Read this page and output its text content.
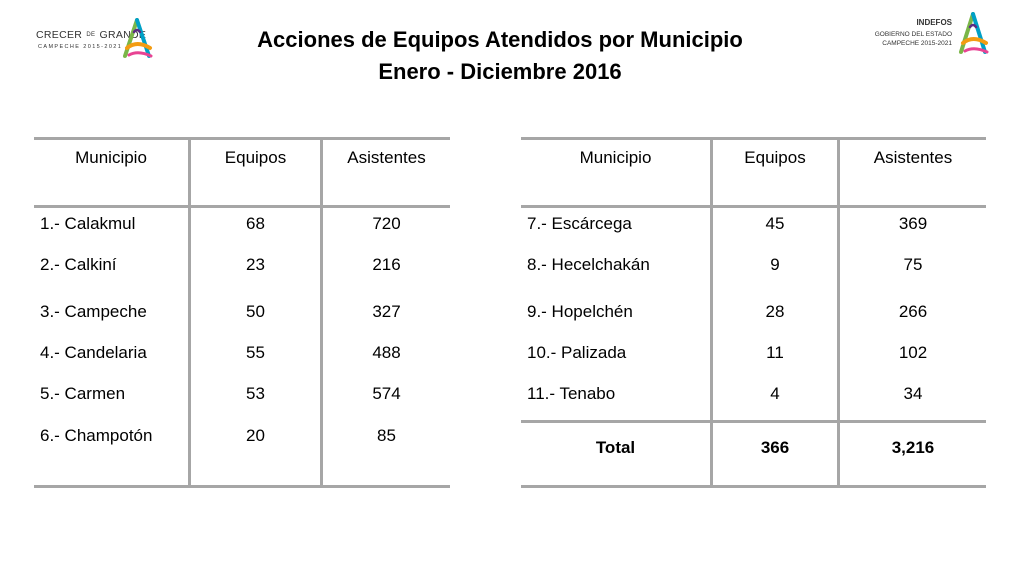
CRECER DE GRANDE
CAMPECHE 2015-2021
INDEFOS
GOBIERNO DEL ESTADO
CAMPECHE 2015-2021
Acciones de Equipos Atendidos por Municipio
Enero - Diciembre 2016
Municipio	Equipos	Asistentes
1.- Calakmul	68	720
2.- Calkiní	23	216
3.- Campeche	50	327
4.- Candelaria	55	488
5.- Carmen	53	574
6.- Champotón	20	85
Municipio	Equipos	Asistentes
7.- Escárcega	45	369
8.- Hecelchakán	9	75
9.- Hopelchén	28	266
10.- Palizada	11	102
11.- Tenabo	4	34
Total	366	3,216
